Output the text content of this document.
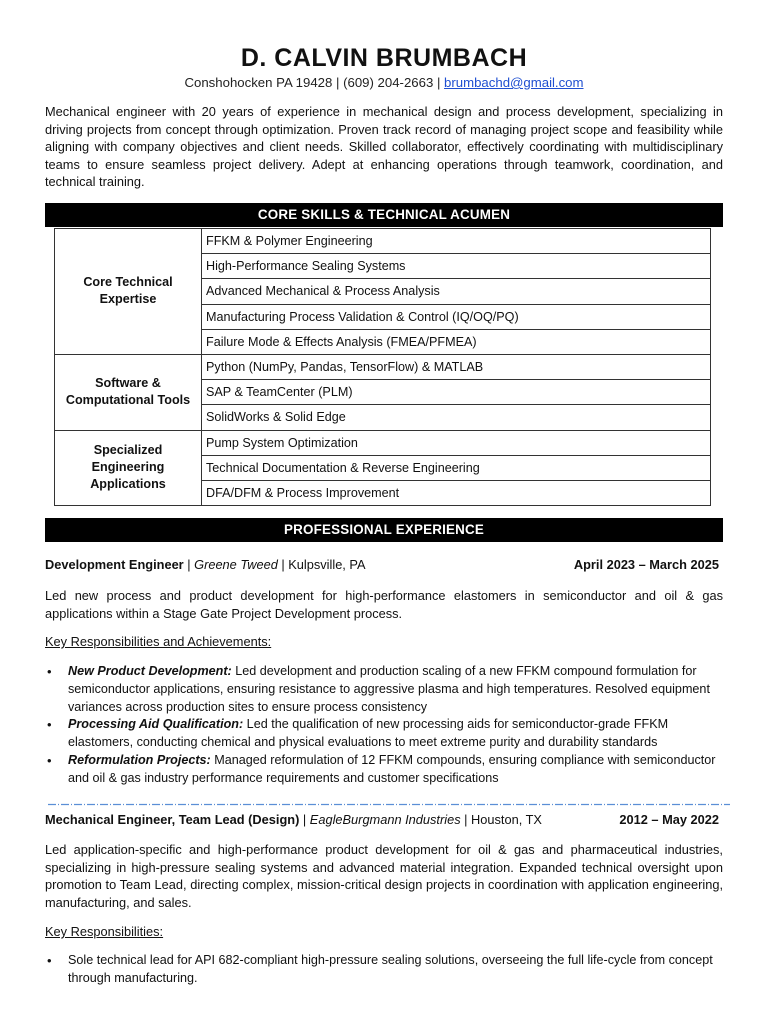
D. CALVIN BRUMBACH
Conshohocken PA 19428 | (609) 204-2663 | brumbachd@gmail.com
Mechanical engineer with 20 years of experience in mechanical design and process development, specializing in driving projects from concept through optimization. Proven track record of managing project scope and feasibility while aligning with company objectives and client needs. Skilled collaborator, effectively coordinating with multidisciplinary teams to ensure seamless project delivery. Adept at enhancing operations through teamwork, coordination, and technical training.
CORE SKILLS & TECHNICAL ACUMEN
Core Technical Expertise	FFKM & Polymer Engineering
	High-Performance Sealing Systems
	Advanced Mechanical & Process Analysis
	Manufacturing Process Validation & Control (IQ/OQ/PQ)
	Failure Mode & Effects Analysis (FMEA/PFMEA)
Software &
Computational Tools	Python (NumPy, Pandas, TensorFlow) & MATLAB
	SAP & TeamCenter (PLM)
	SolidWorks & Solid Edge
Specialized Engineering
Applications	Pump System Optimization
	Technical Documentation & Reverse Engineering
	DFA/DFM & Process Improvement
PROFESSIONAL EXPERIENCE
Development Engineer | Greene Tweed | Kulpsville, PA	April 2023 – March 2025
Led new process and product development for high-performance elastomers in semiconductor and oil & gas applications within a Stage Gate Project Development process.
Key Responsibilities and Achievements:
• New Product Development: Led development and production scaling of a new FFKM compound formulation for semiconductor applications, ensuring resistance to aggressive plasma and high temperatures. Resolved equipment variances across production sites to ensure process consistency
• Processing Aid Qualification: Led the qualification of new processing aids for semiconductor-grade FFKM elastomers, conducting chemical and physical evaluations to meet extreme purity and durability standards
• Reformulation Projects: Managed reformulation of 12 FFKM compounds, ensuring compliance with semiconductor and oil & gas industry performance requirements and customer specifications
Mechanical Engineer, Team Lead (Design) | EagleBurgmann Industries | Houston, TX	2012 – May 2022
Led application-specific and high-performance product development for oil & gas and pharmaceutical industries, specializing in high-pressure sealing systems and advanced material integration. Expanded technical oversight upon promotion to Team Lead, directing complex, mission-critical design projects in coordination with application engineering, manufacturing, and sales.
Key Responsibilities:
• Sole technical lead for API 682-compliant high-pressure sealing solutions, overseeing the full life-cycle from concept through manufacturing.
